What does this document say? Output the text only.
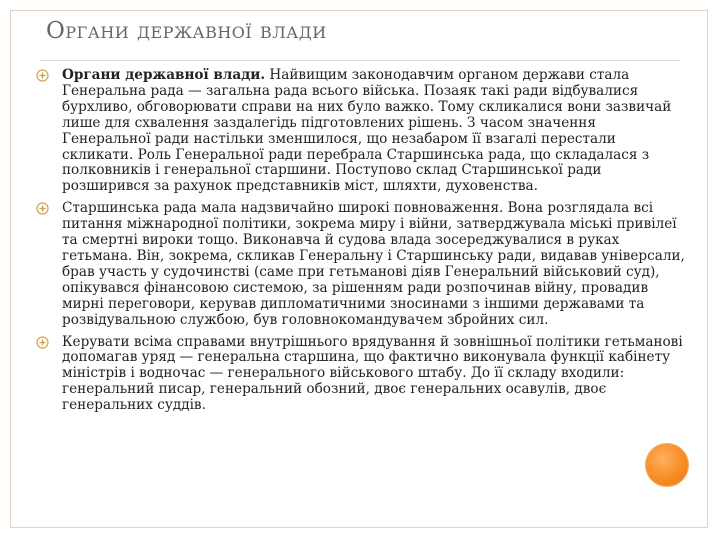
Органи державної влади
Органи державної влади. Найвищим законодавчим органом держави стала Генеральна рада — загальна рада всього війська. Позаяк такі ради відбувалися бурхливо, обговорювати справи на них було важко. Тому скликалися вони зазвичай лише для схвалення заздалегідь підготовлених рішень. З часом значення Генеральної ради настільки зменшилося, що незабаром її взагалі перестали скликати. Роль Генеральної ради перебрала Старшинська рада, що складалася з полковників і генеральної старшини. Поступово склад Старшинської ради розширився за рахунок представників міст, шляхти, духовенства.
Старшинська рада мала надзвичайно широкі повноваження. Вона розглядала всі питання міжнародної політики, зокрема миру і війни, затверджувала міські привілеї та смертні вироки тощо. Виконавча й судова влада зосереджувалися в руках гетьмана. Він, зокрема, скликав Генеральну і Старшинську ради, видавав універсали, брав участь у судочинстві (саме при гетьманові діяв Генеральний військовий суд), опікувався фінансовою системою, за рішенням ради розпочинав війну, провадив мирні переговори, керував дипломатичними зносинами з іншими державами та розвідувальною службою, був головнокомандувачем збройних сил.
Керувати всіма справами внутрішнього врядування й зовнішньої політики гетьманові допомагав уряд — генеральна старшина, що фактично виконувала функції кабінету міністрів і водночас — генерального військового штабу. До її складу входили: генеральний писар, генеральний обозний, двоє генеральних осавулів, двоє генеральних суддів.
